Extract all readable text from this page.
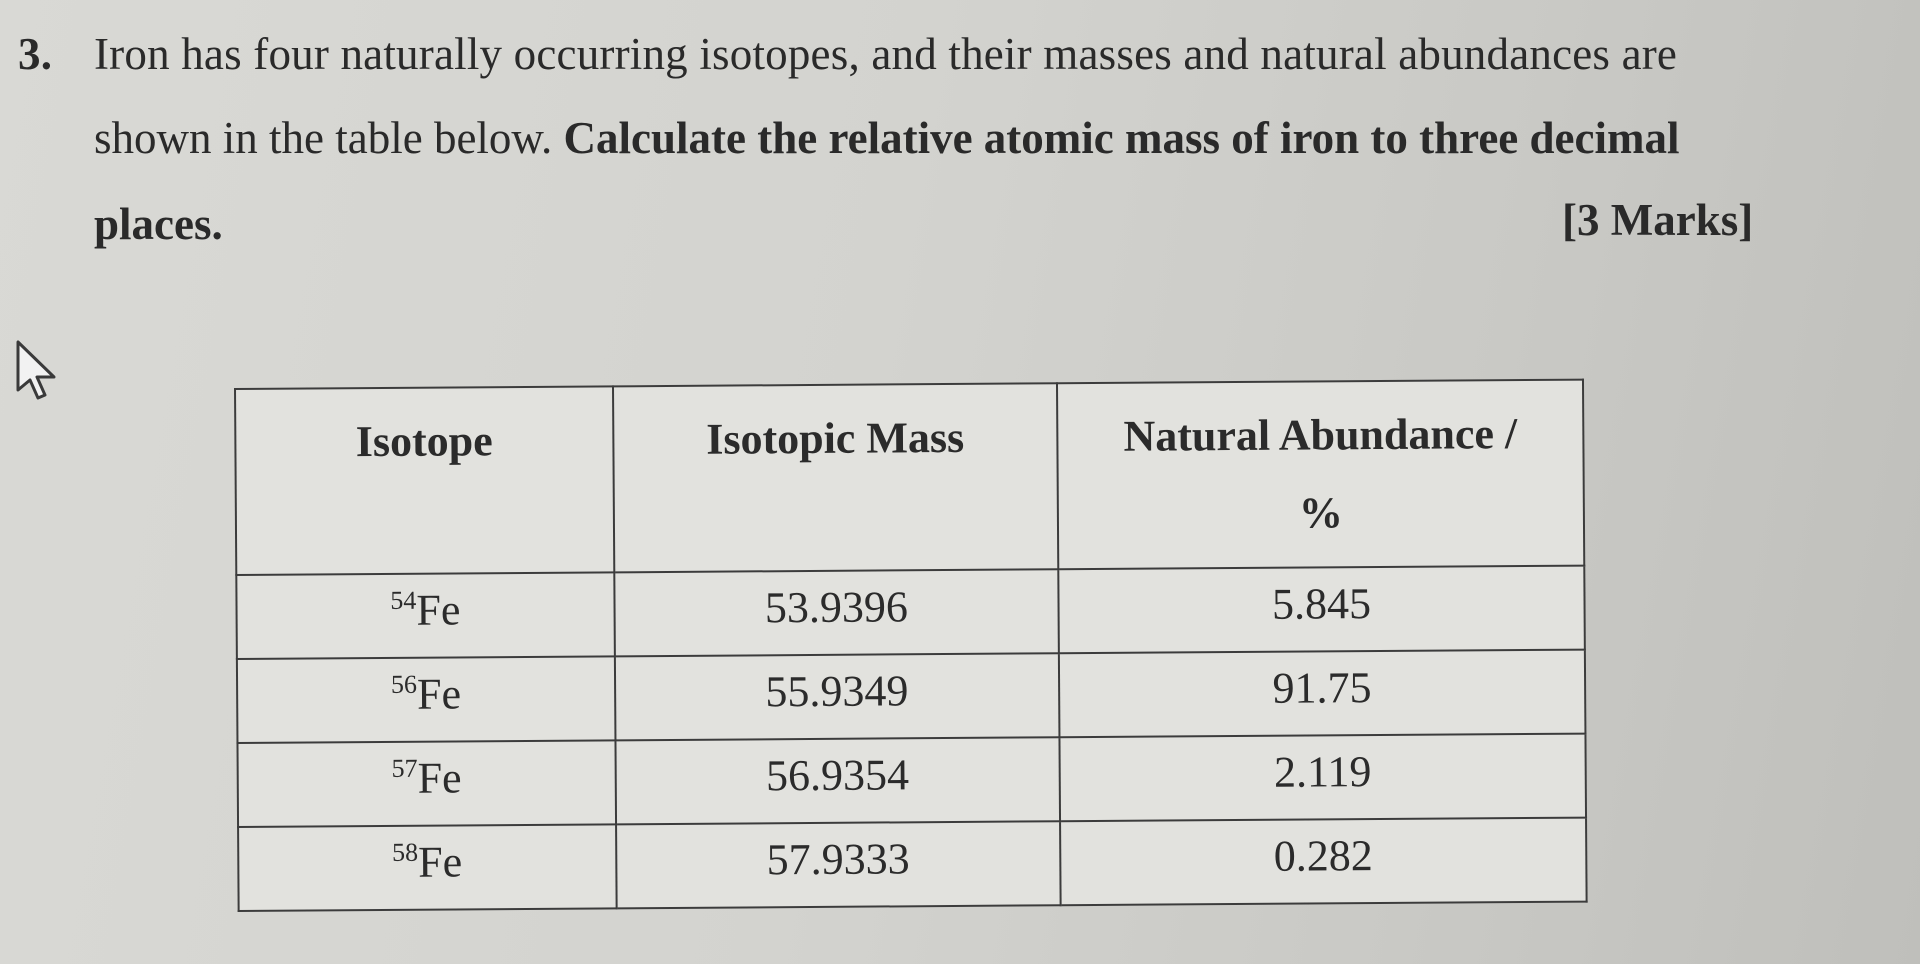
3. Iron has four naturally occurring isotopes, and their masses and natural abundances are
shown in the table below. Calculate the relative atomic mass of iron to three decimal
places.	[3 Marks]
Isotope	Isotopic Mass	Natural Abundance /
%
$^{54}$Fe	53.9396	5.845
$^{56}$Fe	55.9349	91.75
$^{57}$Fe	56.9354	2.119
$^{58}$Fe	57.9333	0.282
